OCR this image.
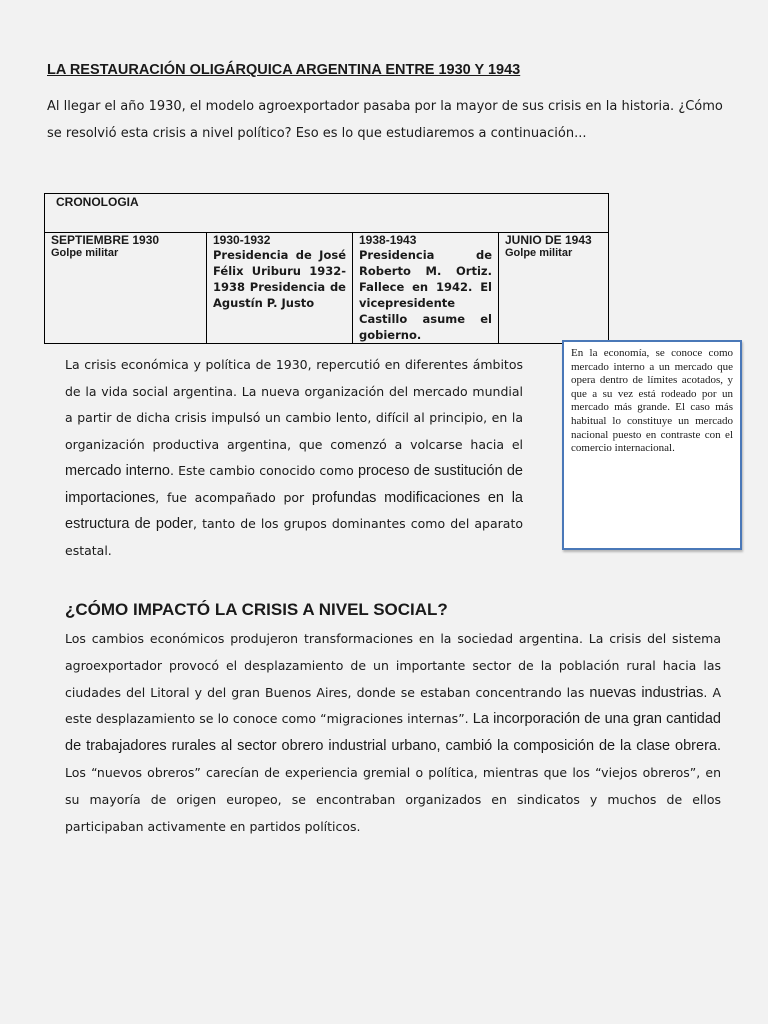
LA RESTAURACIÓN OLIGÁRQUICA ARGENTINA ENTRE 1930 Y 1943
Al llegar el año 1930, el modelo agroexportador pasaba por la mayor de sus crisis en la historia. ¿Cómo se resolvió esta crisis a nivel político? Eso es lo que estudiaremos a continuación...
CRONOLOGIA			
SEPTIEMBRE 1930	1930-1932	1938-1943	JUNIO DE 1943
Golpe militar	Presidencia de José Félix Uriburu 1932-1938 Presidencia de Agustín P. Justo	Presidencia de Roberto M. Ortiz. Fallece en 1942. El vicepresidente Castillo asume el gobierno.	Golpe militar
La crisis económica y política de 1930, repercutió en diferentes ámbitos de la vida social argentina. La nueva organización del mercado mundial a partir de dicha crisis impulsó un cambio lento, difícil al principio, en la organización productiva argentina, que comenzó a volcarse hacia el mercado interno. Este cambio conocido como proceso de sustitución de importaciones, fue acompañado por profundas modificaciones en la estructura de poder, tanto de los grupos dominantes como del aparato estatal.
En la economía, se conoce como mercado interno a un mercado que opera dentro de límites acotados, y que a su vez está rodeado por un mercado más grande. El caso más habitual lo constituye un mercado nacional puesto en contraste con el comercio internacional.
¿CÓMO IMPACTÓ LA CRISIS A NIVEL SOCIAL?
Los cambios económicos produjeron transformaciones en la sociedad argentina. La crisis del sistema agroexportador provocó el desplazamiento de un importante sector de la población rural hacia las ciudades del Litoral y del gran Buenos Aires, donde se estaban concentrando las nuevas industrias. A este desplazamiento se lo conoce como “migraciones internas”. La incorporación de una gran cantidad de trabajadores rurales al sector obrero industrial urbano, cambió la composición de la clase obrera. Los “nuevos obreros” carecían de experiencia gremial o política, mientras que los “viejos obreros”, en su mayoría de origen europeo, se encontraban organizados en sindicatos y muchos de ellos participaban activamente en partidos políticos.
